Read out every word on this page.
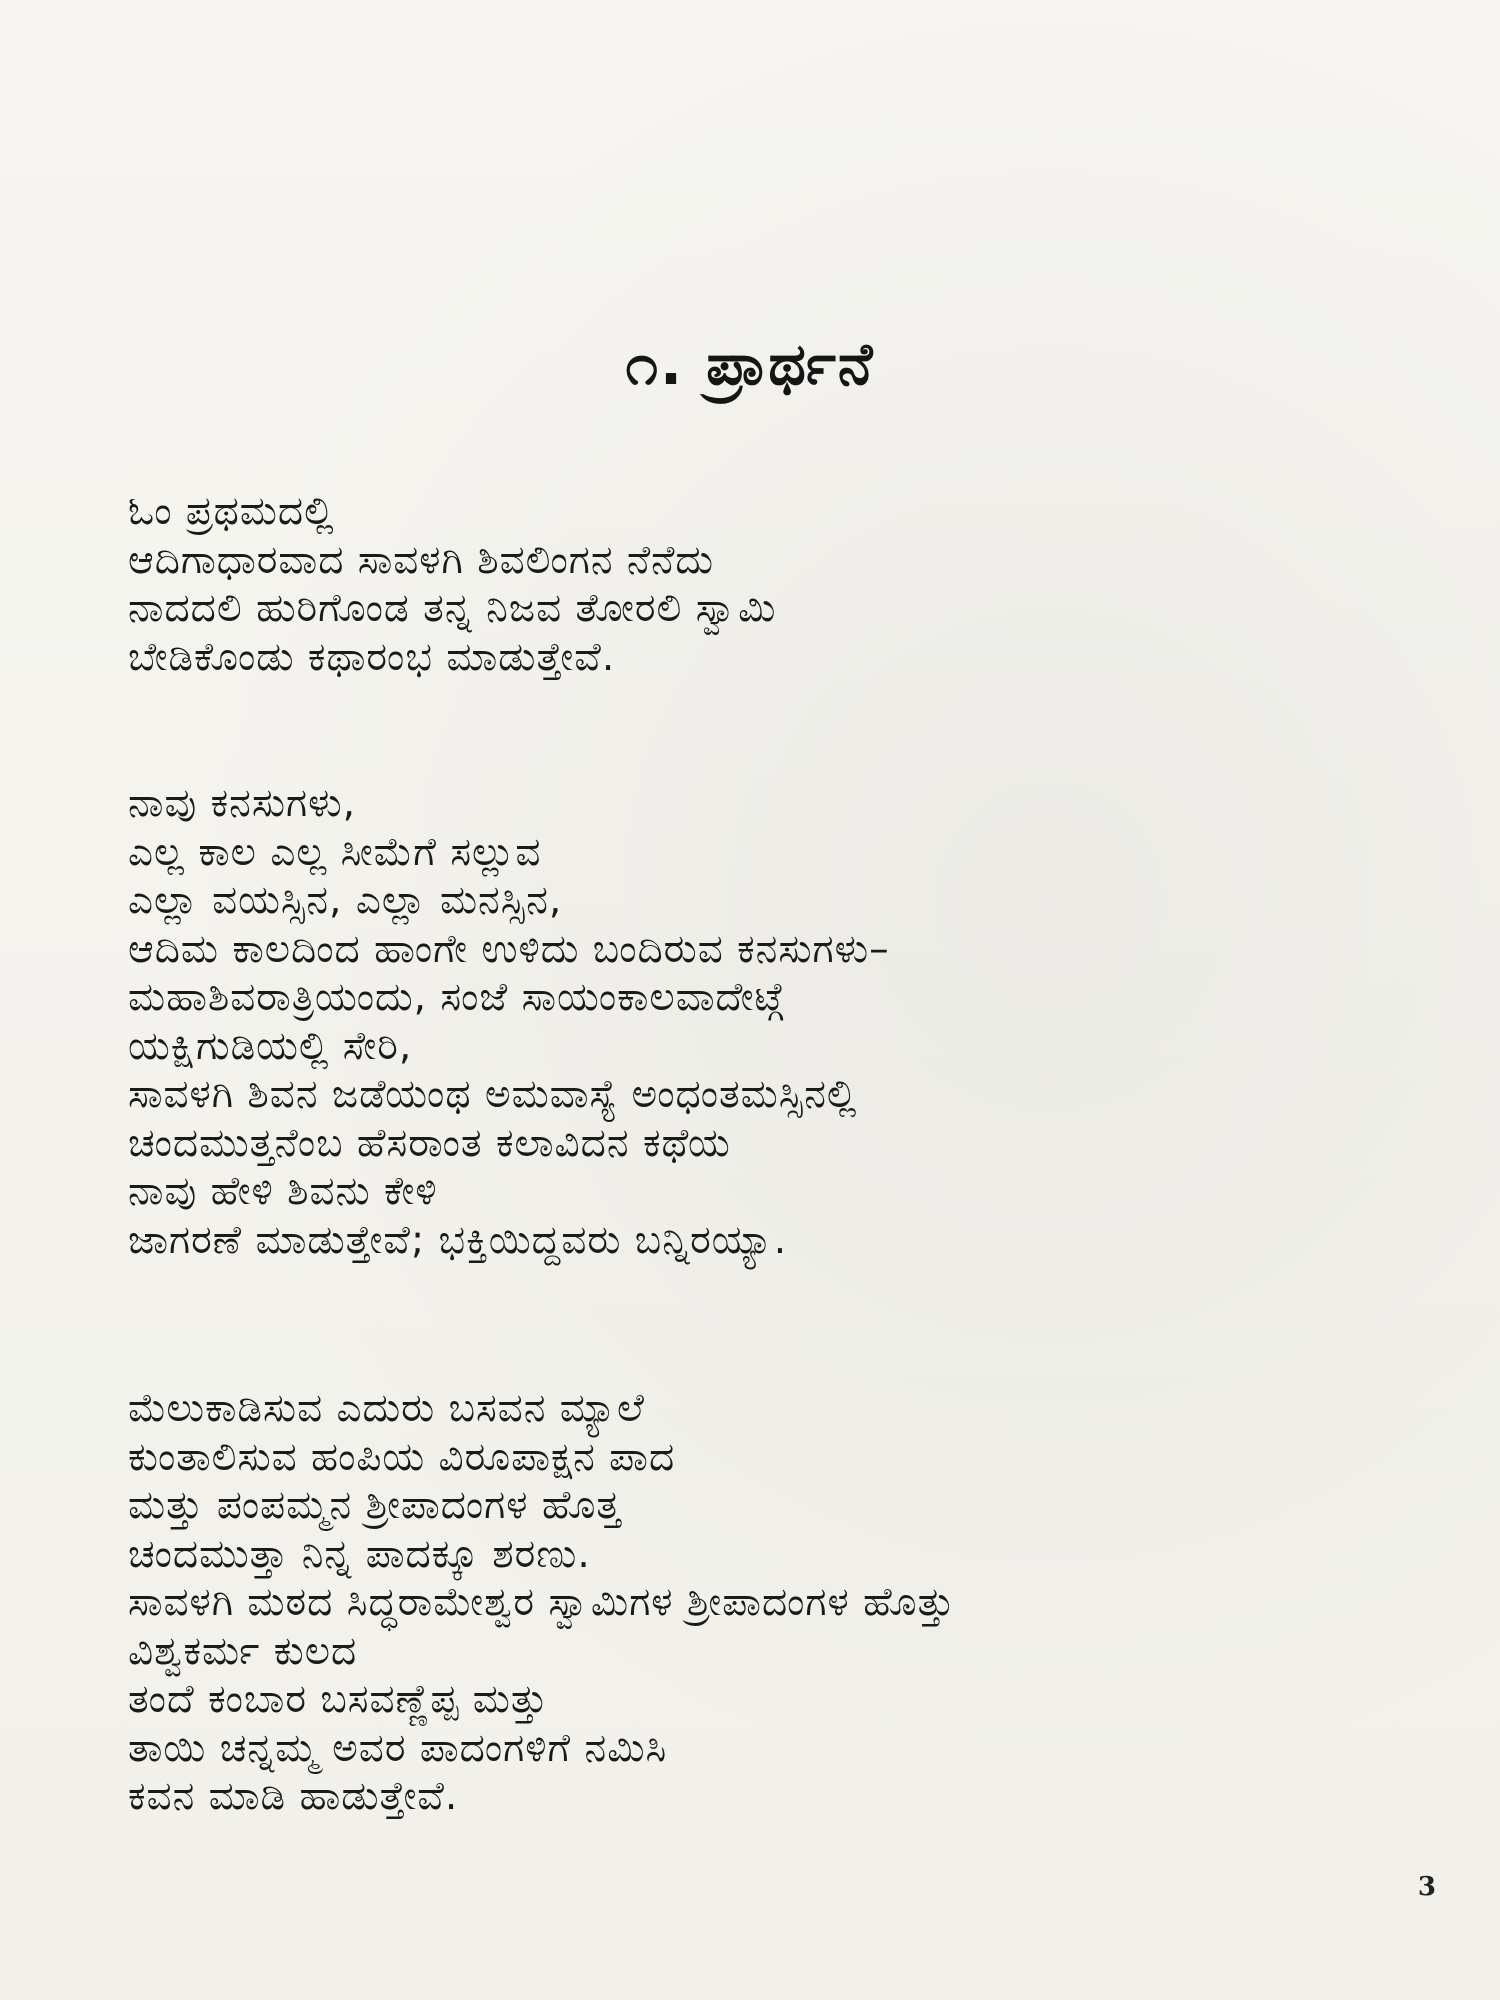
೧. ಪ್ರಾರ್ಥನೆ
ಓಂ ಪ್ರಥಮದಲ್ಲಿ
ಆದಿಗಾಧಾರವಾದ ಸಾವಳಗಿ ಶಿವಲಿಂಗನ ನೆನೆದು
ನಾದದಲಿ ಹುರಿಗೊಂಡ ತನ್ನ ನಿಜವ ತೋರಲಿ ಸ್ವಾಮಿ
ಬೇಡಿಕೊಂಡು ಕಥಾರಂಭ ಮಾಡುತ್ತೇವೆ.
ನಾವು ಕನಸುಗಳು,
ಎಲ್ಲ ಕಾಲ ಎಲ್ಲ ಸೀಮೆಗೆ ಸಲ್ಲುವ
ಎಲ್ಲಾ ವಯಸ್ಸಿನ, ಎಲ್ಲಾ ಮನಸ್ಸಿನ,
ಆದಿಮ ಕಾಲದಿಂದ ಹಾಂಗೇ ಉಳಿದು ಬಂದಿರುವ ಕನಸುಗಳು–
ಮಹಾಶಿವರಾತ್ರಿಯಂದು, ಸಂಜೆ ಸಾಯಂಕಾಲವಾದೇಟ್ಗೆ
ಯಕ್ಷಿಗುಡಿಯಲ್ಲಿ ಸೇರಿ,
ಸಾವಳಗಿ ಶಿವನ ಜಡೆಯಂಥ ಅಮವಾಸ್ಯೆ ಅಂಧಂತಮಸ್ಸಿನಲ್ಲಿ
ಚಂದಮುತ್ತನೆಂಬ ಹೆಸರಾಂತ ಕಲಾವಿದನ ಕಥೆಯ
ನಾವು ಹೇಳಿ ಶಿವನು ಕೇಳಿ
ಜಾಗರಣೆ ಮಾಡುತ್ತೇವೆ; ಭಕ್ತಿಯಿದ್ದವರು ಬನ್ನಿರಯ್ಯಾ.
ಮೆಲುಕಾಡಿಸುವ ಎದುರು ಬಸವನ ಮ್ಯಾಲೆ
ಕುಂತಾಲಿಸುವ ಹಂಪಿಯ ವಿರೂಪಾಕ್ಷನ ಪಾದ
ಮತ್ತು ಪಂಪಮ್ಮನ ಶ್ರೀಪಾದಂಗಳ ಹೊತ್ತ
ಚಂದಮುತ್ತಾ ನಿನ್ನ ಪಾದಕ್ಕೂ ಶರಣು.
ಸಾವಳಗಿ ಮಠದ ಸಿದ್ಧರಾಮೇಶ್ವರ ಸ್ವಾಮಿಗಳ ಶ್ರೀಪಾದಂಗಳ ಹೊತ್ತು
ವಿಶ್ವಕರ್ಮ ಕುಲದ
ತಂದೆ ಕಂಬಾರ ಬಸವಣ್ಣೆಪ್ಪ ಮತ್ತು
ತಾಯಿ ಚನ್ನಮ್ಮ ಅವರ ಪಾದಂಗಳಿಗೆ ನಮಿಸಿ
ಕವನ ಮಾಡಿ ಹಾಡುತ್ತೇವೆ.
3
